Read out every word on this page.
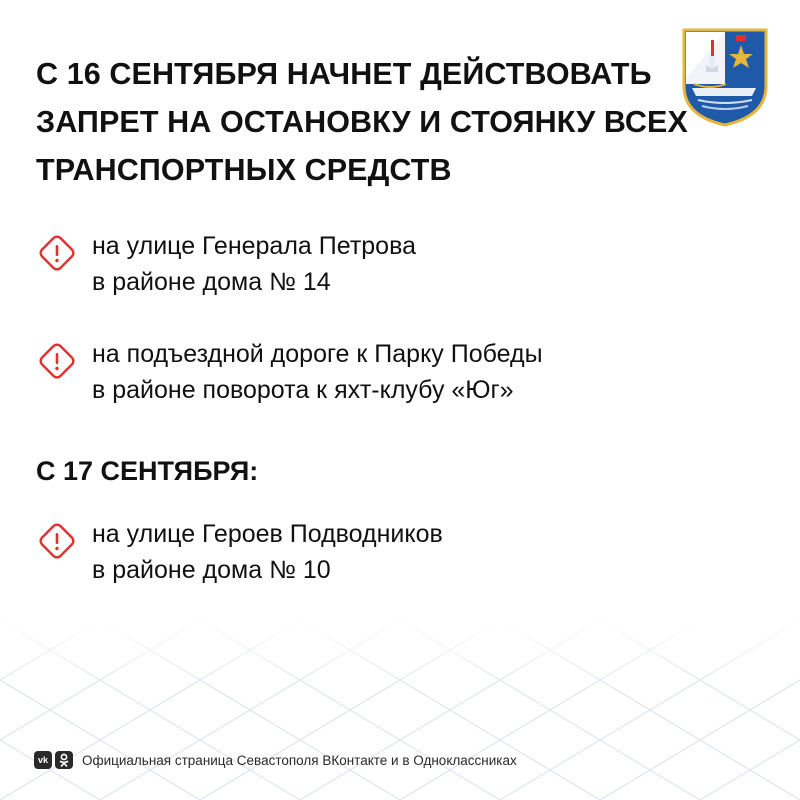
С 16 СЕНТЯБРЯ НАЧНЕТ ДЕЙСТВОВАТЬ
ЗАПРЕТ НА ОСТАНОВКУ И СТОЯНКУ ВСЕХ
ТРАНСПОРТНЫХ СРЕДСТВ
на улице Генерала Петрова
в районе дома № 14
на подъездной дороге к Парку Победы
в районе поворота к яхт-клубу «Юг»
С 17 СЕНТЯБРЯ:
на улице Героев Подводников
в районе дома № 10
vk	Официальная страница Севастополя ВКонтакте и в Одноклассниках
